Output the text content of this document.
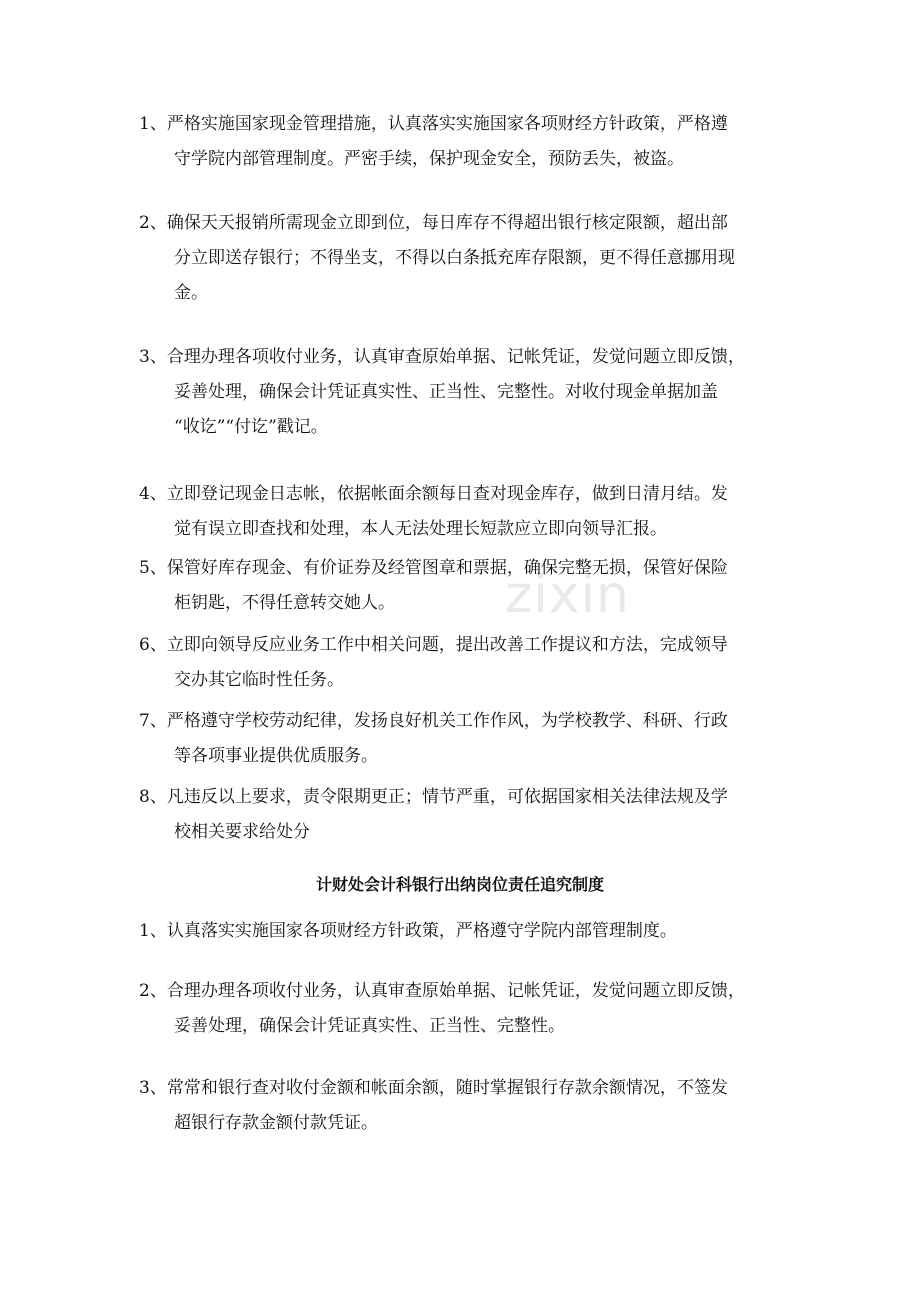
zixin
1、严格实施国家现金管理措施，认真落实实施国家各项财经方针政策，严格遵
守学院内部管理制度。严密手续，保护现金安全，预防丢失，被盗。
2、确保天天报销所需现金立即到位，每日库存不得超出银行核定限额，超出部
分立即送存银行；不得坐支，不得以白条抵充库存限额，更不得任意挪用现
金。
3、合理办理各项收付业务，认真审查原始单据、记帐凭证，发觉问题立即反馈，
妥善处理，确保会计凭证真实性、正当性、完整性。对收付现金单据加盖
“收讫”“付讫”戳记。
4、立即登记现金日志帐，依据帐面余额每日查对现金库存，做到日清月结。发
觉有误立即查找和处理，本人无法处理长短款应立即向领导汇报。
5、保管好库存现金、有价证券及经管图章和票据，确保完整无损，保管好保险
柜钥匙，不得任意转交她人。
6、立即向领导反应业务工作中相关问题，提出改善工作提议和方法，完成领导
交办其它临时性任务。
7、严格遵守学校劳动纪律，发扬良好机关工作作风，为学校教学、科研、行政
等各项事业提供优质服务。
8、凡违反以上要求，责令限期更正；情节严重，可依据国家相关法律法规及学
校相关要求给处分
计财处会计科银行出纳岗位责任追究制度
1、认真落实实施国家各项财经方针政策，严格遵守学院内部管理制度。
2、合理办理各项收付业务，认真审查原始单据、记帐凭证，发觉问题立即反馈，
妥善处理，确保会计凭证真实性、正当性、完整性。
3、常常和银行查对收付金额和帐面余额，随时掌握银行存款余额情况，不签发
超银行存款金额付款凭证。
